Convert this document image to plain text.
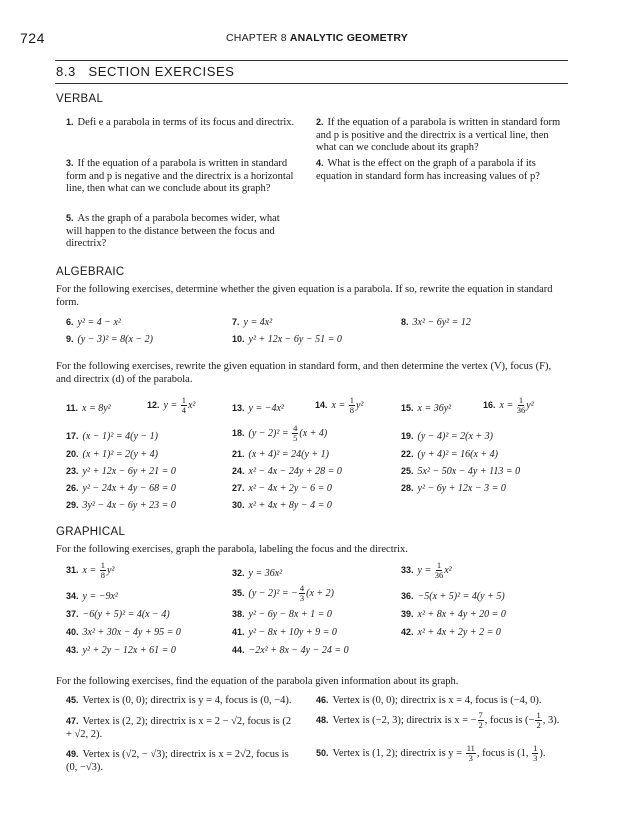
724	CHAPTER 8 ANALYTIC GEOMETRY
8.3   SECTION EXERCISES
VERBAL
1. Defi e a parabola in terms of its focus and directrix.	2. If the equation of a parabola is written in standard form and p is positive and the directrix is a vertical line, then what can we conclude about its graph?
3. If the equation of a parabola is written in standard form and p is negative and the directrix is a horizontal line, then what can we conclude about its graph?
4. What is the effect on the graph of a parabola if its equation in standard form has increasing values of p?
5. As the graph of a parabola becomes wider, what will happen to the distance between the focus and directrix?
ALGEBRAIC
For the following exercises, determine whether the given equation is a parabola. If so, rewrite the equation in standard form.
6. y² = 4 − x²	7. y = 4x²	8. 3x² − 6y² = 12
9. (y − 3)² = 8(x − 2)	10. y² + 12x − 6y − 51 = 0
For the following exercises, rewrite the given equation in standard form, and then determine the vertex (V), focus (F), and directrix (d) of the parabola.
11. x = 8y²	12. $y = \frac{1}{4} x^2$	13. y = −4x²	14. $x = \frac{1}{8} y^2$	15. x = 36y²	16. $x = \frac{1}{36} y^2$
17. (x − 1)² = 4(y − 1)	18. $(y - 2)^2 = \frac{4}{5} (x + 4)$	19. (y − 4)² = 2(x + 3)
20. (x + 1)² = 2(y + 4)	21. (x + 4)² = 24(y + 1)	22. (y + 4)² = 16(x + 4)
23. y² + 12x − 6y + 21 = 0	24. x² − 4x − 24y + 28 = 0	25. 5x² − 50x − 4y + 113 = 0
26. y² − 24x + 4y − 68 = 0	27. x² − 4x + 2y − 6 = 0	28. y² − 6y + 12x − 3 = 0
29. 3y² − 4x − 6y + 23 = 0	30. x² + 4x + 8y − 4 = 0
GRAPHICAL
For the following exercises, graph the parabola, labeling the focus and the directrix.
31. $x = \frac{1}{8} y^2$	32. y = 36x²	33. $y = \frac{1}{36} x^2$
34. y = −9x²	35. (y − 2)² = − $\frac{4}{3} (x + 2)$	36. −5(x + 5)² = 4(y + 5)
37. −6(y + 5)² = 4(x − 4)	38. y² − 6y − 8x + 1 = 0	39. x² + 8x + 4y + 20 = 0
40. 3x² + 30x − 4y + 95 = 0	41. y² − 8x + 10y + 9 = 0	42. x² + 4x + 2y + 2 = 0
43. y² + 2y − 12x + 61 = 0	44. −2x² + 8x − 4y − 24 = 0
For the following exercises, find the equation of the parabola given information about its graph.
45. Vertex is (0, 0); directrix is y = 4, focus is (0, −4).	46. Vertex is (0, 0); directrix is x = 4, focus is (−4, 0).
47. Vertex is (2, 2); directrix is x = 2 − √2, focus is (2 + √2, 2).
48. Vertex is (−2, 3); directrix is x = − $\frac{7}{2}$ , focus is (− $\frac{1}{2}$ , 3).
49. Vertex is (√2, − √3); directrix is x = 2√2, focus is (0, −√3).
50. Vertex is (1, 2); directrix is $y = \frac{11}{3}$ , focus is (1, $\frac{1}{3}$ ).
